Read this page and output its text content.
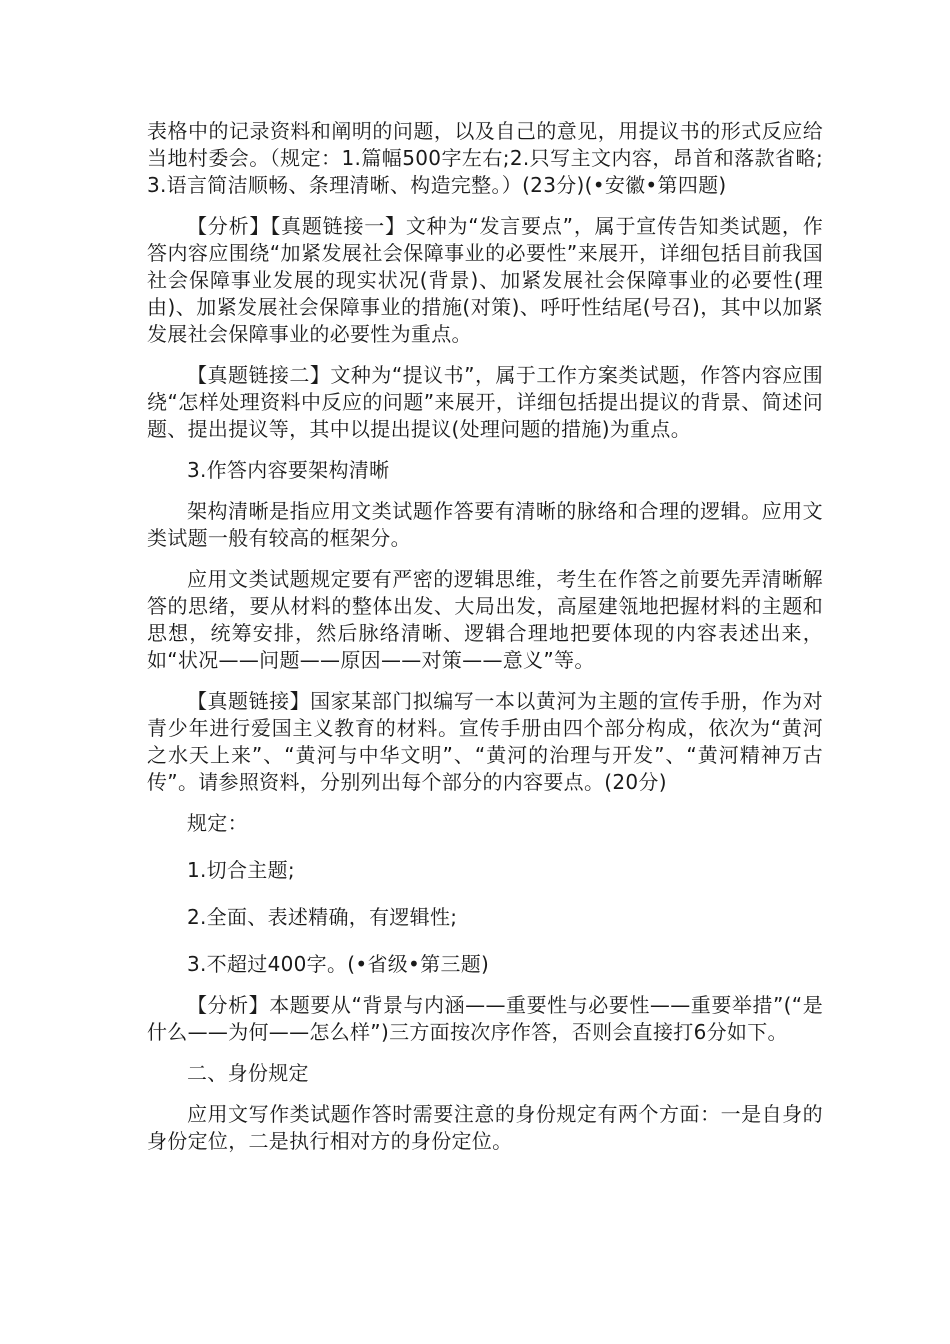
表格中的记录资料和阐明的问题，以及自己的意见，用提议书的形式反应给当地村委会。（规定：1.篇幅500字左右;2.只写主文内容，昂首和落款省略;3.语言简洁顺畅、条理清晰、构造完整。）(23分)(•安徽•第四题)

【分析】【真题链接一】文种为“发言要点”，属于宣传告知类试题，作答内容应围绕“加紧发展社会保障事业的必要性”来展开，详细包括目前我国社会保障事业发展的现实状况(背景)、加紧发展社会保障事业的必要性(理由)、加紧发展社会保障事业的措施(对策)、呼吁性结尾(号召)，其中以加紧发展社会保障事业的必要性为重点。

【真题链接二】文种为“提议书”，属于工作方案类试题，作答内容应围绕“怎样处理资料中反应的问题”来展开，详细包括提出提议的背景、简述问题、提出提议等，其中以提出提议(处理问题的措施)为重点。

3.作答内容要架构清晰

架构清晰是指应用文类试题作答要有清晰的脉络和合理的逻辑。应用文类试题一般有较高的框架分。

应用文类试题规定要有严密的逻辑思维，考生在作答之前要先弄清晰解答的思绪，要从材料的整体出发、大局出发，高屋建瓴地把握材料的主题和思想，统筹安排，然后脉络清晰、逻辑合理地把要体现的内容表述出来，如“状况——问题——原因——对策——意义”等。

【真题链接】国家某部门拟编写一本以黄河为主题的宣传手册，作为对青少年进行爱国主义教育的材料。宣传手册由四个部分构成，依次为“黄河之水天上来”、“黄河与中华文明”、“黄河的治理与开发”、“黄河精神万古传”。请参照资料，分别列出每个部分的内容要点。(20分)

规定：

1.切合主题;

2.全面、表述精确，有逻辑性;

3.不超过400字。(•省级•第三题)

【分析】本题要从“背景与内涵——重要性与必要性——重要举措”(“是什么——为何——怎么样”)三方面按次序作答，否则会直接打6分如下。

二、身份规定

应用文写作类试题作答时需要注意的身份规定有两个方面：一是自身的身份定位，二是执行相对方的身份定位。
